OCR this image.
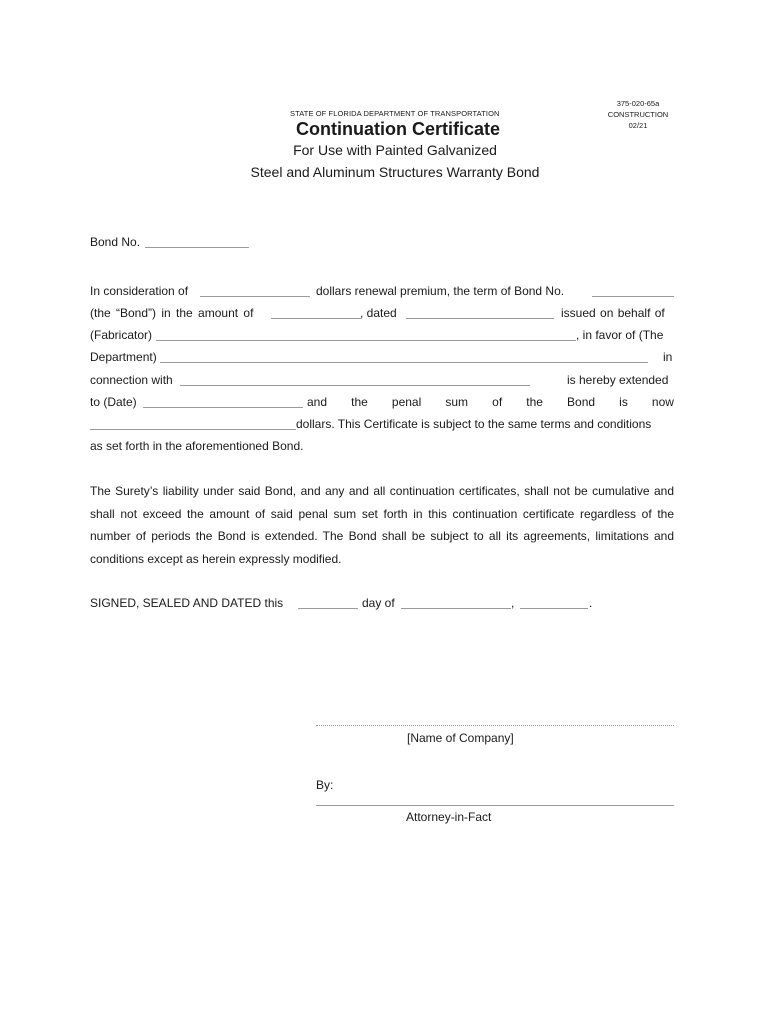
STATE OF FLORIDA DEPARTMENT OF TRANSPORTATION
375-020-65a
CONSTRUCTION
02/21
Continuation Certificate
For Use with Painted Galvanized
Steel and Aluminum Structures Warranty Bond
Bond No.
In consideration of	dollars renewal premium, the term of Bond No.
(the “Bond”) in the amount of	, dated	issued on behalf of
(Fabricator)	, in favor of (The
Department)	in
connection with	is hereby extended
to (Date)	and the penal sum of the Bond is now
dollars. This Certificate is subject to the same terms and conditions
as set forth in the aforementioned Bond.
The Surety’s liability under said Bond, and any and all continuation certificates, shall not be cumulative and shall not exceed the amount of said penal sum set forth in this continuation certificate regardless of the number of periods the Bond is extended. The Bond shall be subject to all its agreements, limitations and conditions except as herein expressly modified.
SIGNED, SEALED AND DATED this	day of	,	.
[Name of Company]
By:
Attorney-in-Fact
